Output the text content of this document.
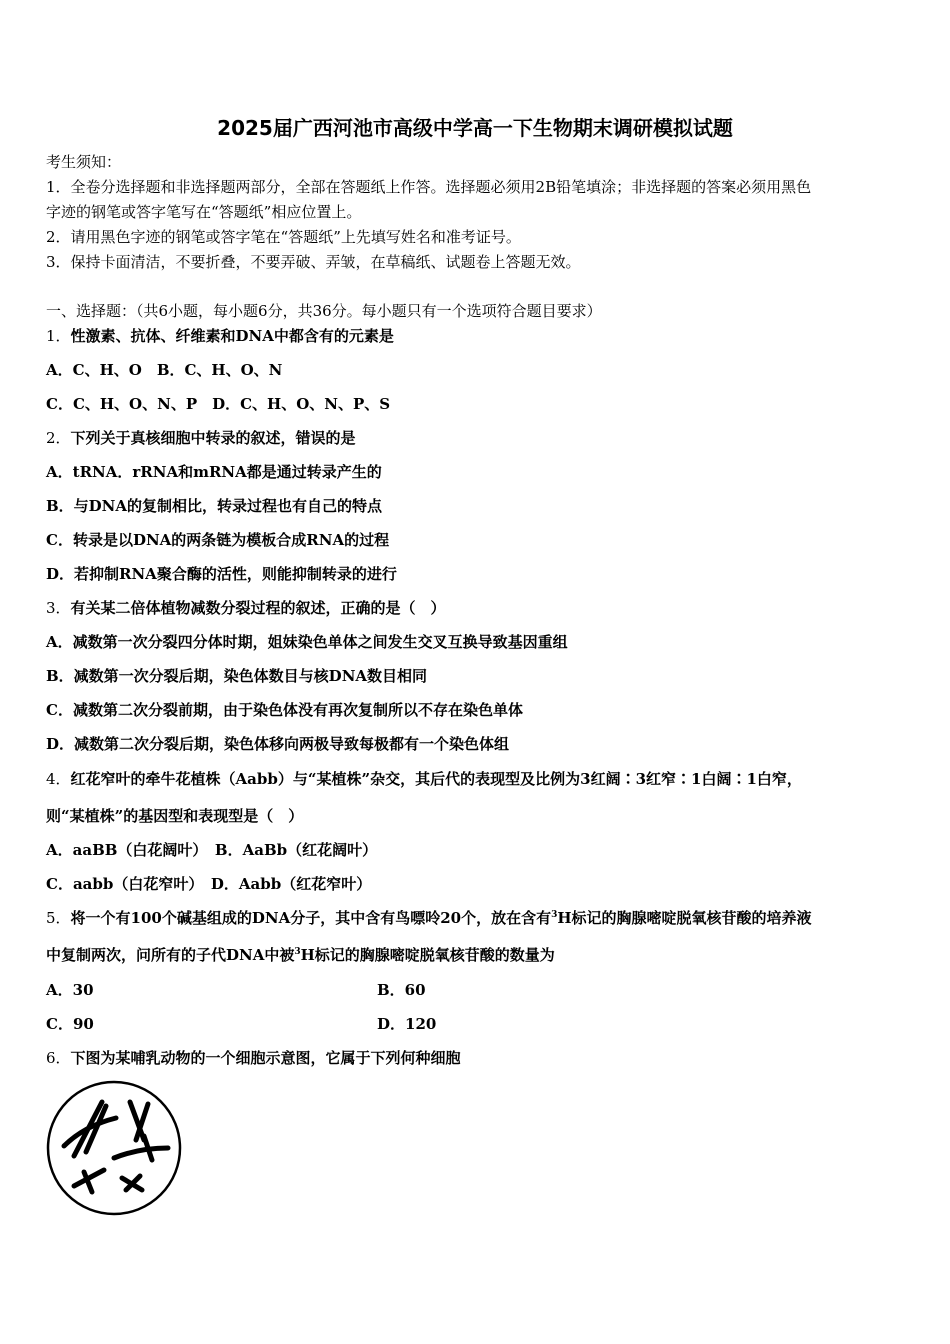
2025届广西河池市高级中学高一下生物期末调研模拟试题
考生须知：
1．全卷分选择题和非选择题两部分，全部在答题纸上作答。选择题必须用2B铅笔填涂；非选择题的答案必须用黑色
字迹的钢笔或答字笔写在“答题纸”相应位置上。
2．请用黑色字迹的钢笔或答字笔在“答题纸”上先填写姓名和准考证号。
3．保持卡面清洁，不要折叠，不要弄破、弄皱，在草稿纸、试题卷上答题无效。
一、选择题：（共6小题，每小题6分，共36分。每小题只有一个选项符合题目要求）
1．性激素、抗体、纤维素和DNA中都含有的元素是
A．C、H、O　B．C、H、O、N
C．C、H、O、N、P　D．C、H、O、N、P、S
2．下列关于真核细胞中转录的叙述，错误的是
A．tRNA．rRNA和mRNA都是通过转录产生的
B．与DNA的复制相比，转录过程也有自己的特点
C．转录是以DNA的两条链为模板合成RNA的过程
D．若抑制RNA聚合酶的活性，则能抑制转录的进行
3．有关某二倍体植物减数分裂过程的叙述，正确的是（　）
A．减数第一次分裂四分体时期，姐妹染色单体之间发生交叉互换导致基因重组
B．减数第一次分裂后期，染色体数目与核DNA数目相同
C．减数第二次分裂前期，由于染色体没有再次复制所以不存在染色单体
D．减数第二次分裂后期，染色体移向两极导致每极都有一个染色体组
4．红花窄叶的牵牛花植株（Aabb）与“某植株”杂交，其后代的表现型及比例为3红阔∶3红窄∶1白阔∶1白窄，
则“某植株”的基因型和表现型是（　）
A．aaBB（白花阔叶）　B．AaBb（红花阔叶）
C．aabb（白花窄叶）　D．Aabb（红花窄叶）
5．将一个有100个碱基组成的DNA分子，其中含有鸟嘌呤20个，放在含有$^3$H标记的胸腺嘧啶脱氧核苷酸的培养液
中复制两次，问所有的子代DNA中被$^3$H标记的胸腺嘧啶脱氧核苷酸的数量为
A．30	B．60
C．90	D．120
6．下图为某哺乳动物的一个细胞示意图，它属于下列何种细胞
